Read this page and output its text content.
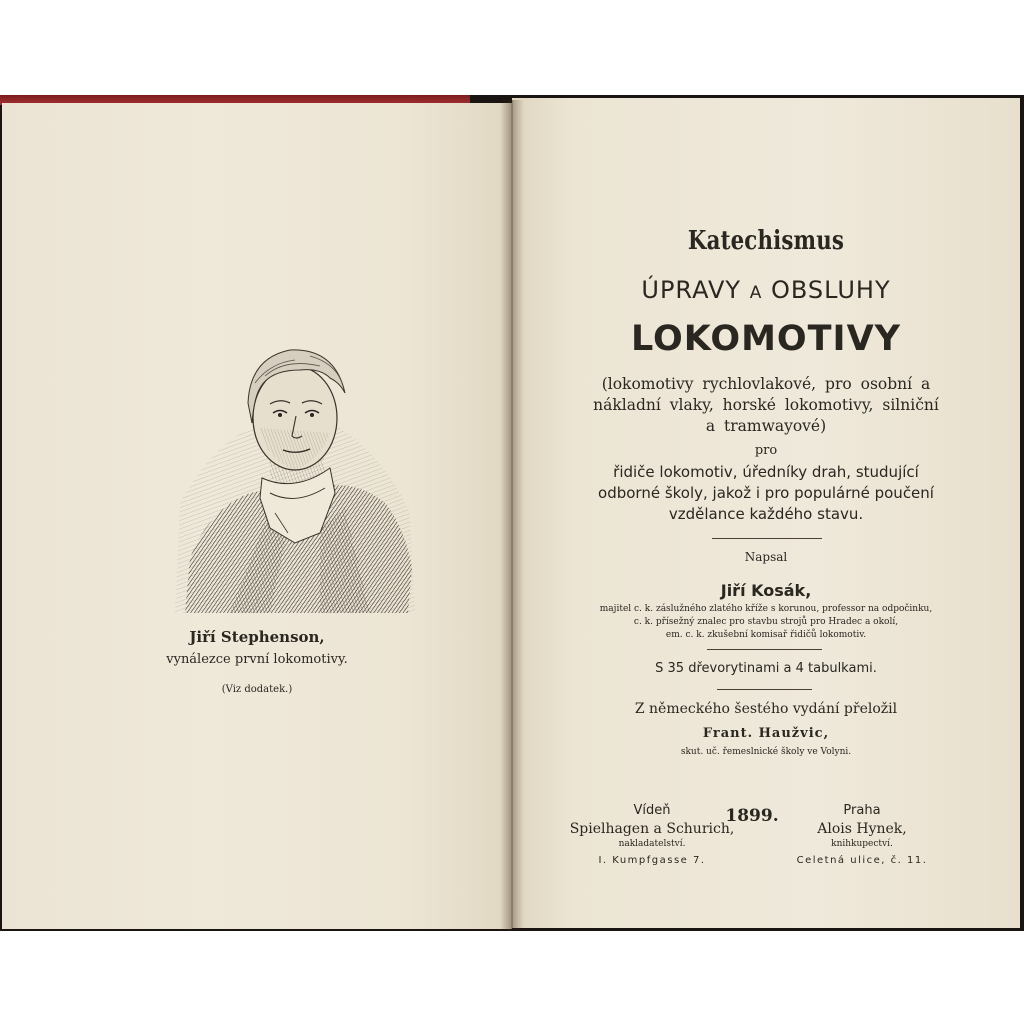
Jiří Stephenson,
vynálezce první lokomotivy.
(Viz dodatek.)
Katechismus
ÚPRAVY A OBSLUHY
LOKOMOTIVY
(lokomotivy rychlovlakové, pro osobní a
nákladní vlaky, horské lokomotivy, silniční
a tramwayové)
pro
řidiče lokomotiv, úředníky drah, studující
odborné školy, jakož i pro populárné poučení
vzdělance každého stavu.
Napsal
Jiří Kosák,
majitel c. k. záslužného zlatého kříže s korunou, professor na odpočinku,
c. k. přísežný znalec pro stavbu strojů pro Hradec a okolí,
em. c. k. zkušební komisař řidičů lokomotiv.
S 35 dřevorytinami a 4 tabulkami.
Z německého šestého vydání přeložil
Frant. Haužvic,
skut. uč. řemeslnické školy ve Volyni.
Vídeň
Spielhagen a Schurich,
nakladatelství.
I. Kumpfgasse 7.
1899.	Praha
Alois Hynek,
knihkupectví.
Celetná ulice, č. 11.
